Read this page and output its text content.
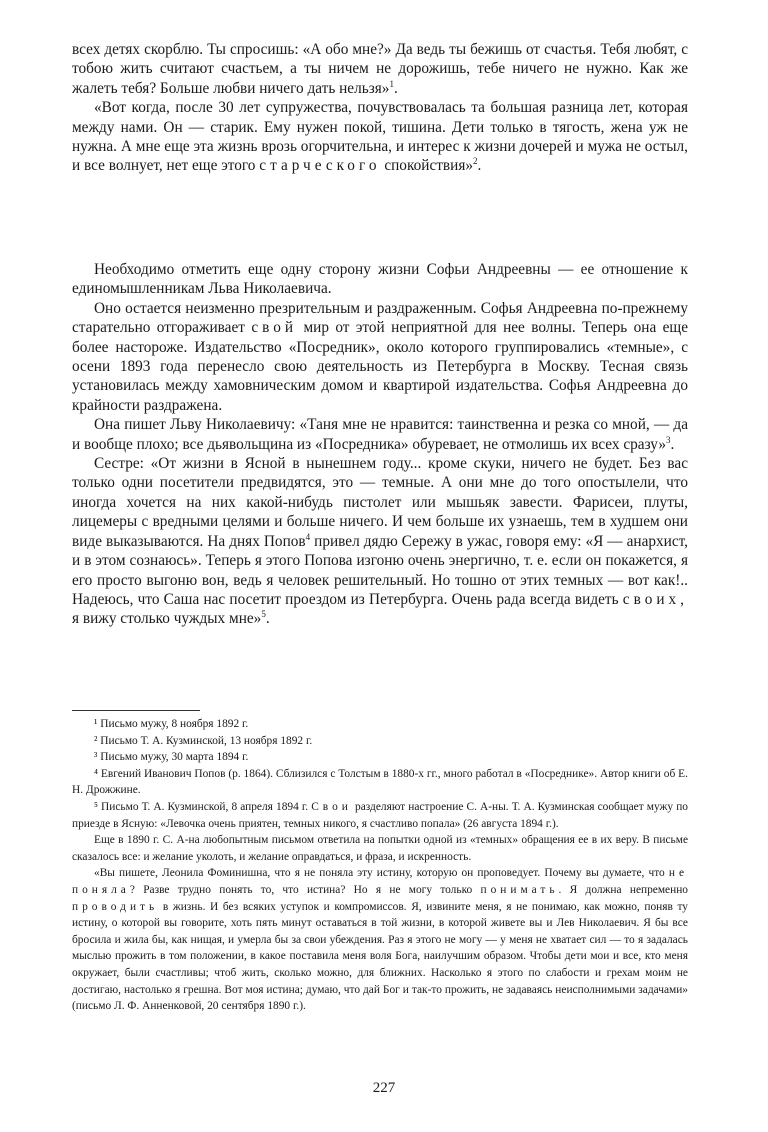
всех детях скорблю. Ты спросишь: «А обо мне?» Да ведь ты бежишь от счастья. Тебя любят, с тобою жить считают счастьем, а ты ничем не дорожишь, тебе ничего не нужно. Как же жалеть тебя? Больше любви ничего дать нельзя»$^1$.

«Вот когда, после 30 лет супружества, почувствовалась та большая разница лет, которая между нами. Он — старик. Ему нужен покой, тишина. Дети только в тягость, жена уж не нужна. А мне еще эта жизнь врозь огорчительна, и интерес к жизни дочерей и мужа не остыл, и все волнует, нет еще этого старческого спокойствия»$^2$.

Необходимо отметить еще одну сторону жизни Софьи Андреевны — ее отношение к единомышленникам Льва Николаевича.

Оно остается неизменно презрительным и раздраженным. Софья Андреевна по-прежнему старательно отгораживает свой мир от этой неприятной для нее волны. Теперь она еще более настороже. Издательство «Посредник», около которого группировались «темные», с осени 1893 года перенесло свою деятельность из Петербурга в Москву. Тесная связь установилась между хамовническим домом и квартирой издательства. Софья Андреевна до крайности раздражена.

Она пишет Льву Николаевичу: «Таня мне не нравится: таинственна и резка со мной, — да и вообще плохо; все дьявольщина из «Посредника» обуревает, не отмолишь их всех сразу»$^3$.

Сестре: «От жизни в Ясной в нынешнем году... кроме скуки, ничего не будет. Без вас только одни посетители предвидятся, это — темные. А они мне до того опостылели, что иногда хочется на них какой-нибудь пистолет или мышьяк завести. Фарисеи, плуты, лицемеры с вредными целями и больше ничего. И чем больше их узнаешь, тем в худшем они виде выказываются. На днях Попов$^4$ привел дядю Сережу в ужас, говоря ему: «Я — анархист, и в этом сознаюсь». Теперь я этого Попова изгоню очень энергично, т. е. если он покажется, я его просто выгоню вон, ведь я человек решительный. Но тошно от этих темных — вот как!.. Надеюсь, что Саша нас посетит проездом из Петербурга. Очень рада всегда видеть своих, я вижу столько чуждых мне»$^5$.

¹ Письмо мужу, 8 ноября 1892 г.

² Письмо Т. А. Кузминской, 13 ноября 1892 г.

³ Письмо мужу, 30 марта 1894 г.

⁴ Евгений Иванович Попов (р. 1864). Сблизился с Толстым в 1880-х гг., много работал в «Посреднике». Автор книги об Е. Н. Дрожжине.

⁵ Письмо Т. А. Кузминской, 8 апреля 1894 г. Свои разделяют настроение С. А-ны. Т. А. Кузминская сообщает мужу по приезде в Ясную: «Левочка очень приятен, темных никого, я счастливо попала» (26 августа 1894 г.).

Еще в 1890 г. С. А-на любопытным письмом ответила на попытки одной из «темных» обращения ее в их веру. В письме сказалось все: и желание уколоть, и желание оправдаться, и фраза, и искренность.

«Вы пишете, Леонила Фоминишна, что я не поняла эту истину, которую он проповедует. Почему вы думаете, что не поняла? Разве трудно понять то, что истина? Но я не могу только понимать. Я должна непременно проводить в жизнь. И без всяких уступок и компромиссов. Я, извините меня, я не понимаю, как можно, поняв ту истину, о которой вы говорите, хоть пять минут оставаться в той жизни, в которой живете вы и Лев Николаевич. Я бы все бросила и жила бы, как нищая, и умерла бы за свои убеждения. Раз я этого не могу — у меня не хватает сил — то я задалась мыслью прожить в том положении, в какое поставила меня воля Бога, наилучшим образом. Чтобы дети мои и все, кто меня окружает, были счастливы; чтоб жить, сколько можно, для ближних. Насколько я этого по слабости и грехам моим не достигаю, настолько я грешна. Вот моя истина; думаю, что дай Бог и так-то прожить, не задаваясь неисполнимыми задачами» (письмо Л. Ф. Анненковой, 20 сентября 1890 г.).

227
